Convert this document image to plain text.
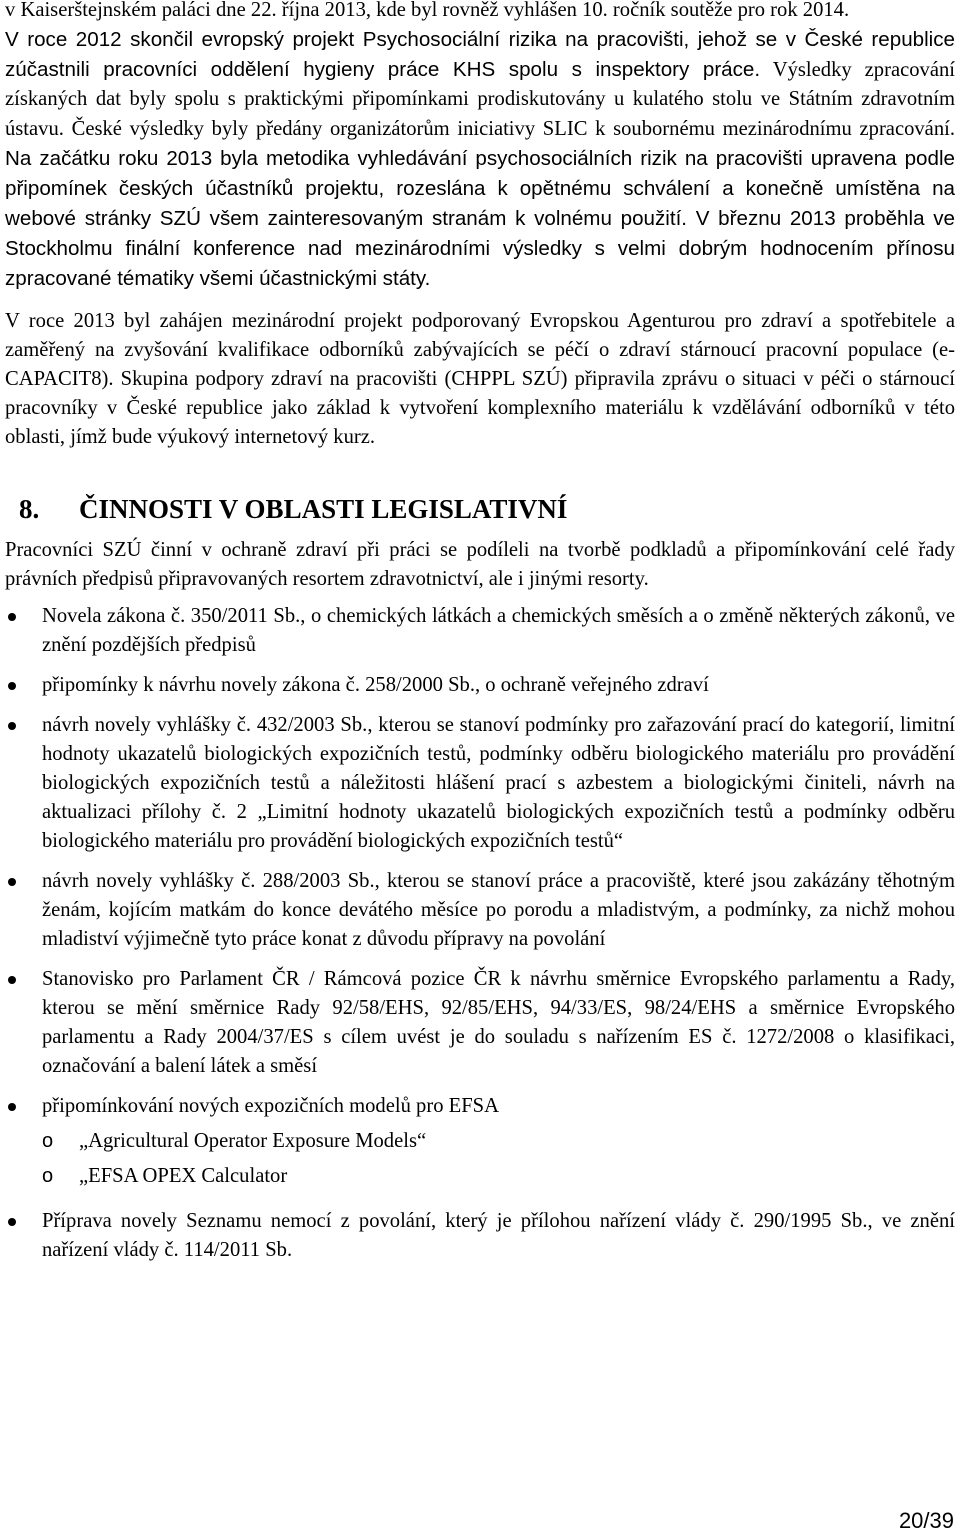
v Kaiserštejnském paláci dne 22. října 2013, kde byl rovněž vyhlášen 10. ročník soutěže pro rok 2014.

V roce 2012 skončil evropský projekt Psychosociální rizika na pracovišti, jehož se v České republice zúčastnili pracovníci oddělení hygieny práce KHS spolu s inspektory práce. Výsledky zpracování získaných dat byly spolu s praktickými připomínkami prodiskutovány u kulatého stolu ve Státním zdravotním ústavu. České výsledky byly předány organizátorům iniciativy SLIC k soubornému mezinárodnímu zpracování. Na začátku roku 2013 byla metodika vyhledávání psychosociálních rizik na pracovišti upravena podle připomínek českých účastníků projektu, rozeslána k opětnému schválení a konečně umístěna na webové stránky SZÚ všem zainteresovaným stranám k volnému použití. V březnu 2013 proběhla ve Stockholmu finální konference nad mezinárodními výsledky s velmi dobrým hodnocením přínosu zpracované tématiky všemi účastnickými státy.

V roce 2013 byl zahájen mezinárodní projekt podporovaný Evropskou Agenturou pro zdraví a spotřebitele a zaměřený na zvyšování kvalifikace odborníků zabývajících se péčí o zdraví stárnoucí pracovní populace (e-CAPACIT8). Skupina podpory zdraví na pracovišti (CHPPL SZÚ) připravila zprávu o situaci v péči o stárnoucí pracovníky v České republice jako základ k vytvoření komplexního materiálu k vzdělávání odborníků v této oblasti, jímž bude výukový internetový kurz.

8.	ČINNOSTI V OBLASTI LEGISLATIVNÍ

Pracovníci SZÚ činní v ochraně zdraví při práci se podíleli na tvorbě podkladů a připomínkování celé řady právních předpisů připravovaných resortem zdravotnictví, ale i jinými resorty.

Novela zákona č. 350/2011 Sb., o chemických látkách a chemických směsích a o změně některých zákonů, ve znění pozdějších předpisů
připomínky k návrhu novely zákona č. 258/2000 Sb., o ochraně veřejného zdraví
návrh novely vyhlášky č. 432/2003 Sb., kterou se stanoví podmínky pro zařazování prací do kategorií, limitní hodnoty ukazatelů biologických expozičních testů, podmínky odběru biologického materiálu pro provádění biologických expozičních testů a náležitosti hlášení prací s azbestem a biologickými činiteli, návrh na aktualizaci přílohy č. 2 „Limitní hodnoty ukazatelů biologických expozičních testů a podmínky odběru biologického materiálu pro provádění biologických expozičních testů“
návrh novely vyhlášky č. 288/2003 Sb., kterou se stanoví práce a pracoviště, které jsou zakázány těhotným ženám, kojícím matkám do konce devátého měsíce po porodu a mladistvým, a podmínky, za nichž mohou mladiství výjimečně tyto práce konat z důvodu přípravy na povolání
Stanovisko pro Parlament ČR / Rámcová pozice ČR k návrhu směrnice Evropského parlamentu a Rady, kterou se mění směrnice Rady 92/58/EHS, 92/85/EHS, 94/33/ES, 98/24/EHS a směrnice Evropského parlamentu a Rady 2004/37/ES s cílem uvést je do souladu s nařízením ES č. 1272/2008 o klasifikaci, označování a balení látek a směsí
připomínkování nových expozičních modelů pro EFSA
o „Agricultural Operator Exposure Models“
o „EFSA OPEX Calculator
Příprava novely Seznamu nemocí z povolání, který je přílohou nařízení vlády č. 290/1995 Sb., ve znění nařízení vlády č. 114/2011 Sb.
20/39
